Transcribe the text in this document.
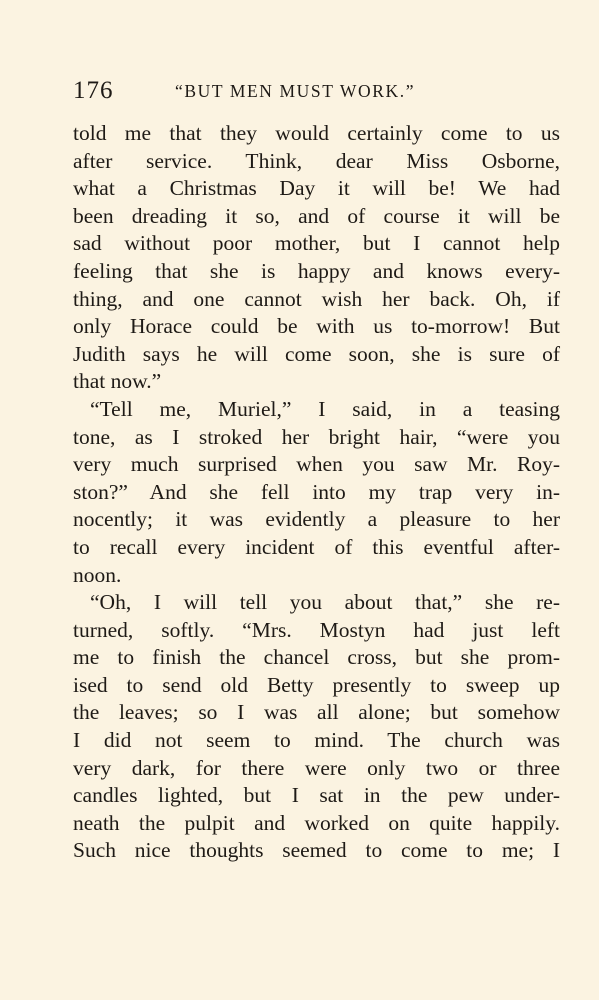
176	“BUT MEN MUST WORK.”
told me that they would certainly come to us
after service. Think, dear Miss Osborne,
what a Christmas Day it will be! We had
been dreading it so, and of course it will be
sad without poor mother, but I cannot help
feeling that she is happy and knows every-
thing, and one cannot wish her back. Oh, if
only Horace could be with us to-morrow! But
Judith says he will come soon, she is sure of
that now.”
“Tell me, Muriel,” I said, in a teasing
tone, as I stroked her bright hair, “were you
very much surprised when you saw Mr. Roy-
ston?” And she fell into my trap very in-
nocently; it was evidently a pleasure to her
to recall every incident of this eventful after-
noon.
“Oh, I will tell you about that,” she re-
turned, softly. “Mrs. Mostyn had just left
me to finish the chancel cross, but she prom-
ised to send old Betty presently to sweep up
the leaves; so I was all alone; but somehow
I did not seem to mind. The church was
very dark, for there were only two or three
candles lighted, but I sat in the pew under-
neath the pulpit and worked on quite happily.
Such nice thoughts seemed to come to me; I
